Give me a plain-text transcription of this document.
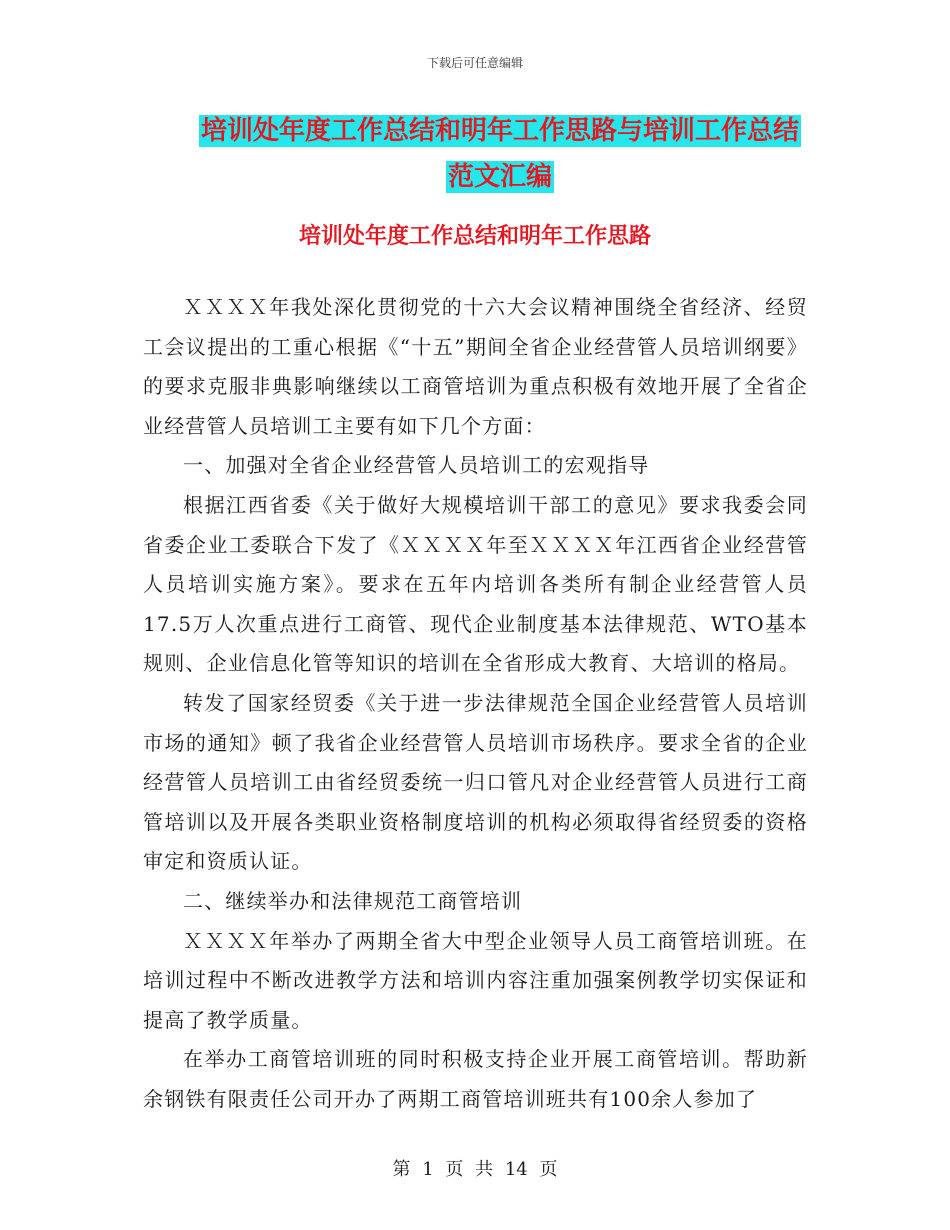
下载后可任意编辑
培训处年度工作总结和明年工作思路与培训工作总结
范文汇编
培训处年度工作总结和明年工作思路

ＸＸＸＸ年我处深化贯彻党的十六大会议精神围绕全省经济、经贸工会议提出的工重心根据《“十五”期间全省企业经营管人员培训纲要》的要求克服非典影响继续以工商管培训为重点积极有效地开展了全省企业经营管人员培训工主要有如下几个方面：

一、加强对全省企业经营管人员培训工的宏观指导

根据江西省委《关于做好大规模培训干部工的意见》要求我委会同省委企业工委联合下发了《ＸＸＸＸ年至ＸＸＸＸ年江西省企业经营管人员培训实施方案》。要求在五年内培训各类所有制企业经营管人员17.5万人次重点进行工商管、现代企业制度基本法律规范、WTO基本规则、企业信息化管等知识的培训在全省形成大教育、大培训的格局。

转发了国家经贸委《关于进一步法律规范全国企业经营管人员培训市场的通知》顿了我省企业经营管人员培训市场秩序。要求全省的企业经营管人员培训工由省经贸委统一归口管凡对企业经营管人员进行工商管培训以及开展各类职业资格制度培训的机构必须取得省经贸委的资格审定和资质认证。

二、继续举办和法律规范工商管培训

ＸＸＸＸ年举办了两期全省大中型企业领导人员工商管培训班。在培训过程中不断改进教学方法和培训内容注重加强案例教学切实保证和提高了教学质量。

在举办工商管培训班的同时积极支持企业开展工商管培训。帮助新余钢铁有限责任公司开办了两期工商管培训班共有100余人参加了

第 1 页 共 14 页
